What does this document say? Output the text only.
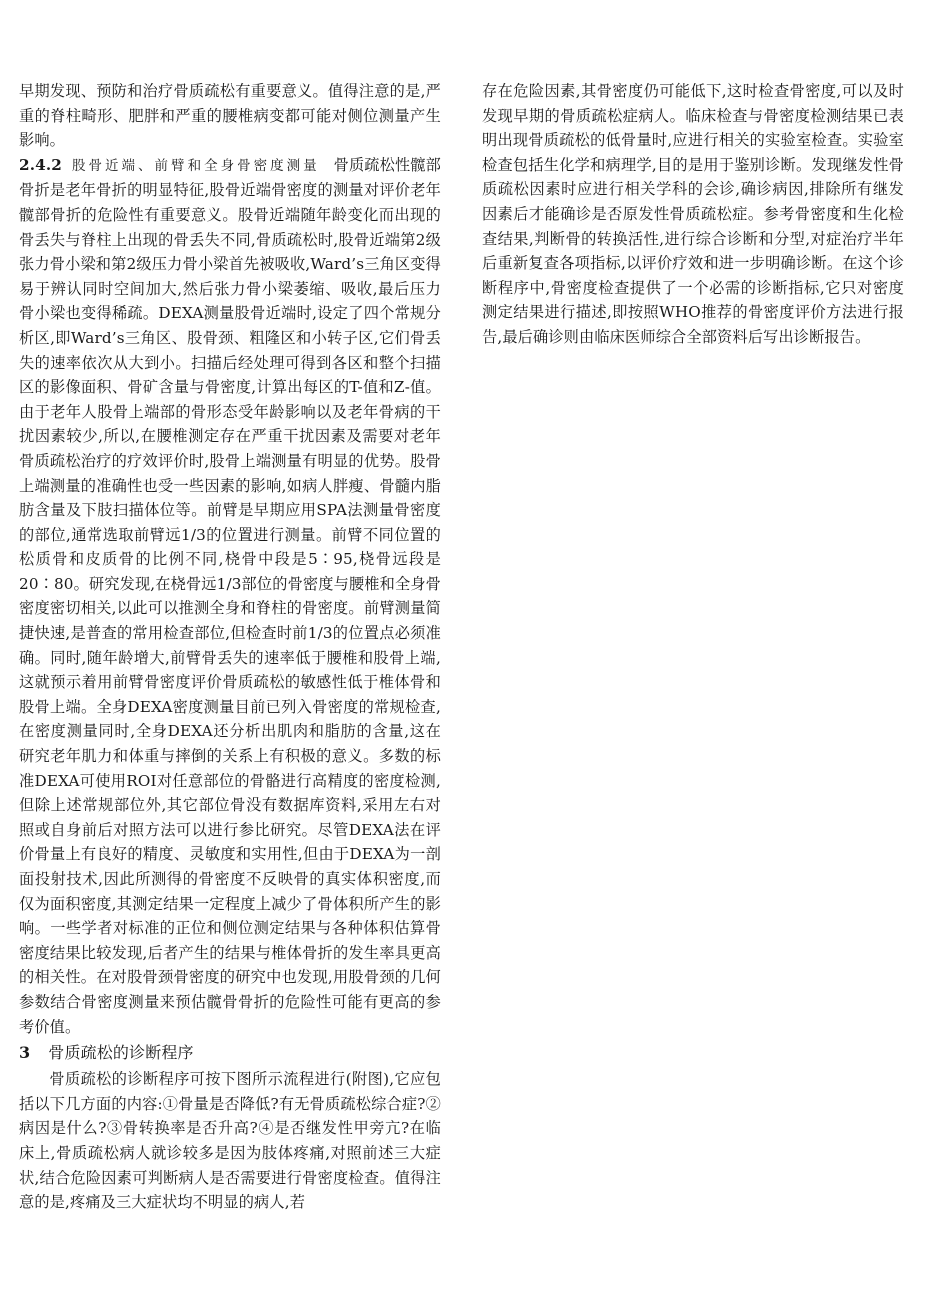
早期发现、预防和治疗骨质疏松有重要意义。值得注意的是,严重的脊柱畸形、肥胖和严重的腰椎病变都可能对侧位测量产生影响。

2.4.2 股骨近端、前臂和全身骨密度测量 骨质疏松性髋部骨折是老年骨折的明显特征,股骨近端骨密度的测量对评价老年髋部骨折的危险性有重要意义。股骨近端随年龄变化而出现的骨丢失与脊柱上出现的骨丢失不同,骨质疏松时,股骨近端第2级张力骨小梁和第2级压力骨小梁首先被吸收,Ward’s三角区变得易于辨认同时空间加大,然后张力骨小梁萎缩、吸收,最后压力骨小梁也变得稀疏。DEXA测量股骨近端时,设定了四个常规分析区,即Ward’s三角区、股骨颈、粗隆区和小转子区,它们骨丢失的速率依次从大到小。扫描后经处理可得到各区和整个扫描区的影像面积、骨矿含量与骨密度,计算出每区的T-值和Z-值。由于老年人股骨上端部的骨形态受年龄影响以及老年骨病的干扰因素较少,所以,在腰椎测定存在严重干扰因素及需要对老年骨质疏松治疗的疗效评价时,股骨上端测量有明显的优势。股骨上端测量的准确性也受一些因素的影响,如病人胖瘦、骨髓内脂肪含量及下肢扫描体位等。前臂是早期应用SPA法测量骨密度的部位,通常选取前臂远1/3的位置进行测量。前臂不同位置的松质骨和皮质骨的比例不同,桡骨中段是5∶95,桡骨远段是20∶80。研究发现,在桡骨远1/3部位的骨密度与腰椎和全身骨密度密切相关,以此可以推测全身和脊柱的骨密度。前臂测量简捷快速,是普查的常用检查部位,但检查时前1/3的位置点必须准确。同时,随年龄增大,前臂骨丢失的速率低于腰椎和股骨上端,这就预示着用前臂骨密度评价骨质疏松的敏感性低于椎体骨和股骨上端。全身DEXA密度测量目前已列入骨密度的常规检查,在密度测量同时,全身DEXA还分析出肌肉和脂肪的含量,这在研究老年肌力和体重与摔倒的关系上有积极的意义。多数的标准DEXA可使用ROI对任意部位的骨骼进行高精度的密度检测,但除上述常规部位外,其它部位骨没有数据库资料,采用左右对照或自身前后对照方法可以进行参比研究。尽管DEXA法在评价骨量上有良好的精度、灵敏度和实用性,但由于DEXA为一剖面投射技术,因此所测得的骨密度不反映骨的真实体积密度,而仅为面积密度,其测定结果一定程度上减少了骨体积所产生的影响。一些学者对标准的正位和侧位测定结果与各种体积估算骨密度结果比较发现,后者产生的结果与椎体骨折的发生率具更高的相关性。在对股骨颈骨密度的研究中也发现,用股骨颈的几何参数结合骨密度测量来预估髋骨骨折的危险性可能有更高的参考价值。

3 骨质疏松的诊断程序

骨质疏松的诊断程序可按下图所示流程进行(附图),它应包括以下几方面的内容:①骨量是否降低?有无骨质疏松综合症?②病因是什么?③骨转换率是否升高?④是否继发性甲旁亢?在临床上,骨质疏松病人就诊较多是因为肢体疼痛,对照前述三大症状,结合危险因素可判断病人是否需要进行骨密度检查。值得注意的是,疼痛及三大症状均不明显的病人,若

存在危险因素,其骨密度仍可能低下,这时检查骨密度,可以及时发现早期的骨质疏松症病人。临床检查与骨密度检测结果已表明出现骨质疏松的低骨量时,应进行相关的实验室检查。实验室检查包括生化学和病理学,目的是用于鉴别诊断。发现继发性骨质疏松因素时应进行相关学科的会诊,确诊病因,排除所有继发因素后才能确诊是否原发性骨质疏松症。参考骨密度和生化检查结果,判断骨的转换活性,进行综合诊断和分型,对症治疗半年后重新复查各项指标,以评价疗效和进一步明确诊断。在这个诊断程序中,骨密度检查提供了一个必需的诊断指标,它只对密度测定结果进行描述,即按照WHO推荐的骨密度评价方法进行报告,最后确诊则由临床医师综合全部资料后写出诊断报告。
